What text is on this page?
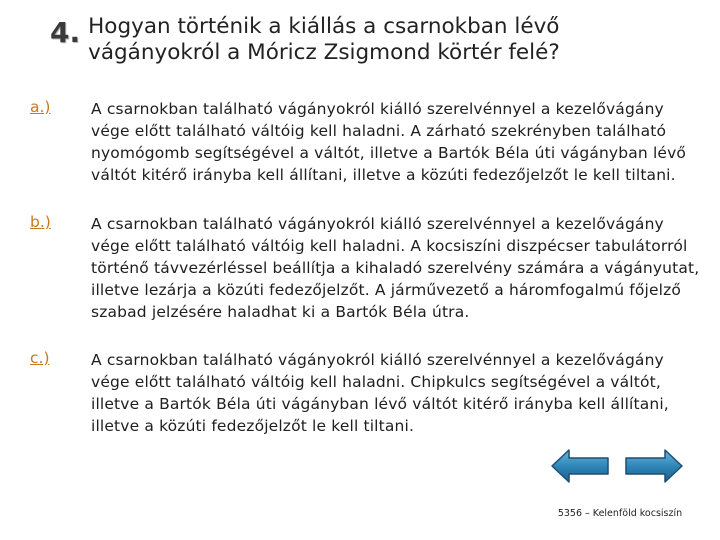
4. Hogyan történik a kiállás a csarnokban lévő vágányokról a Móricz Zsigmond körtér felé?
a.)	A csarnokban található vágányokról kiálló szerelvénnyel a kezelővágány vége előtt található váltóig kell haladni. A zárható szekrényben található nyomógomb segítségével a váltót, illetve a Bartók Béla úti vágányban lévő váltót kitérő irányba kell állítani, illetve a közúti fedezőjelzőt le kell tiltani.
b.)	A csarnokban található vágányokról kiálló szerelvénnyel a kezelővágány vége előtt található váltóig kell haladni. A kocsiszíni diszpécser tabulátorról történő távvezérléssel beállítja a kihaladó szerelvény számára a vágányutat, illetve lezárja a közúti fedezőjelzőt. A járművezető a háromfogalmú főjelző szabad jelzésére haladhat ki a Bartók Béla útra.
c.)	A csarnokban található vágányokról kiálló szerelvénnyel a kezelővágány vége előtt található váltóig kell haladni. Chipkulcs segítségével a váltót, illetve a Bartók Béla úti vágányban lévő váltót kitérő irányba kell állítani, illetve a közúti fedezőjelzőt le kell tiltani.
5356 – Kelenföld kocsiszín
